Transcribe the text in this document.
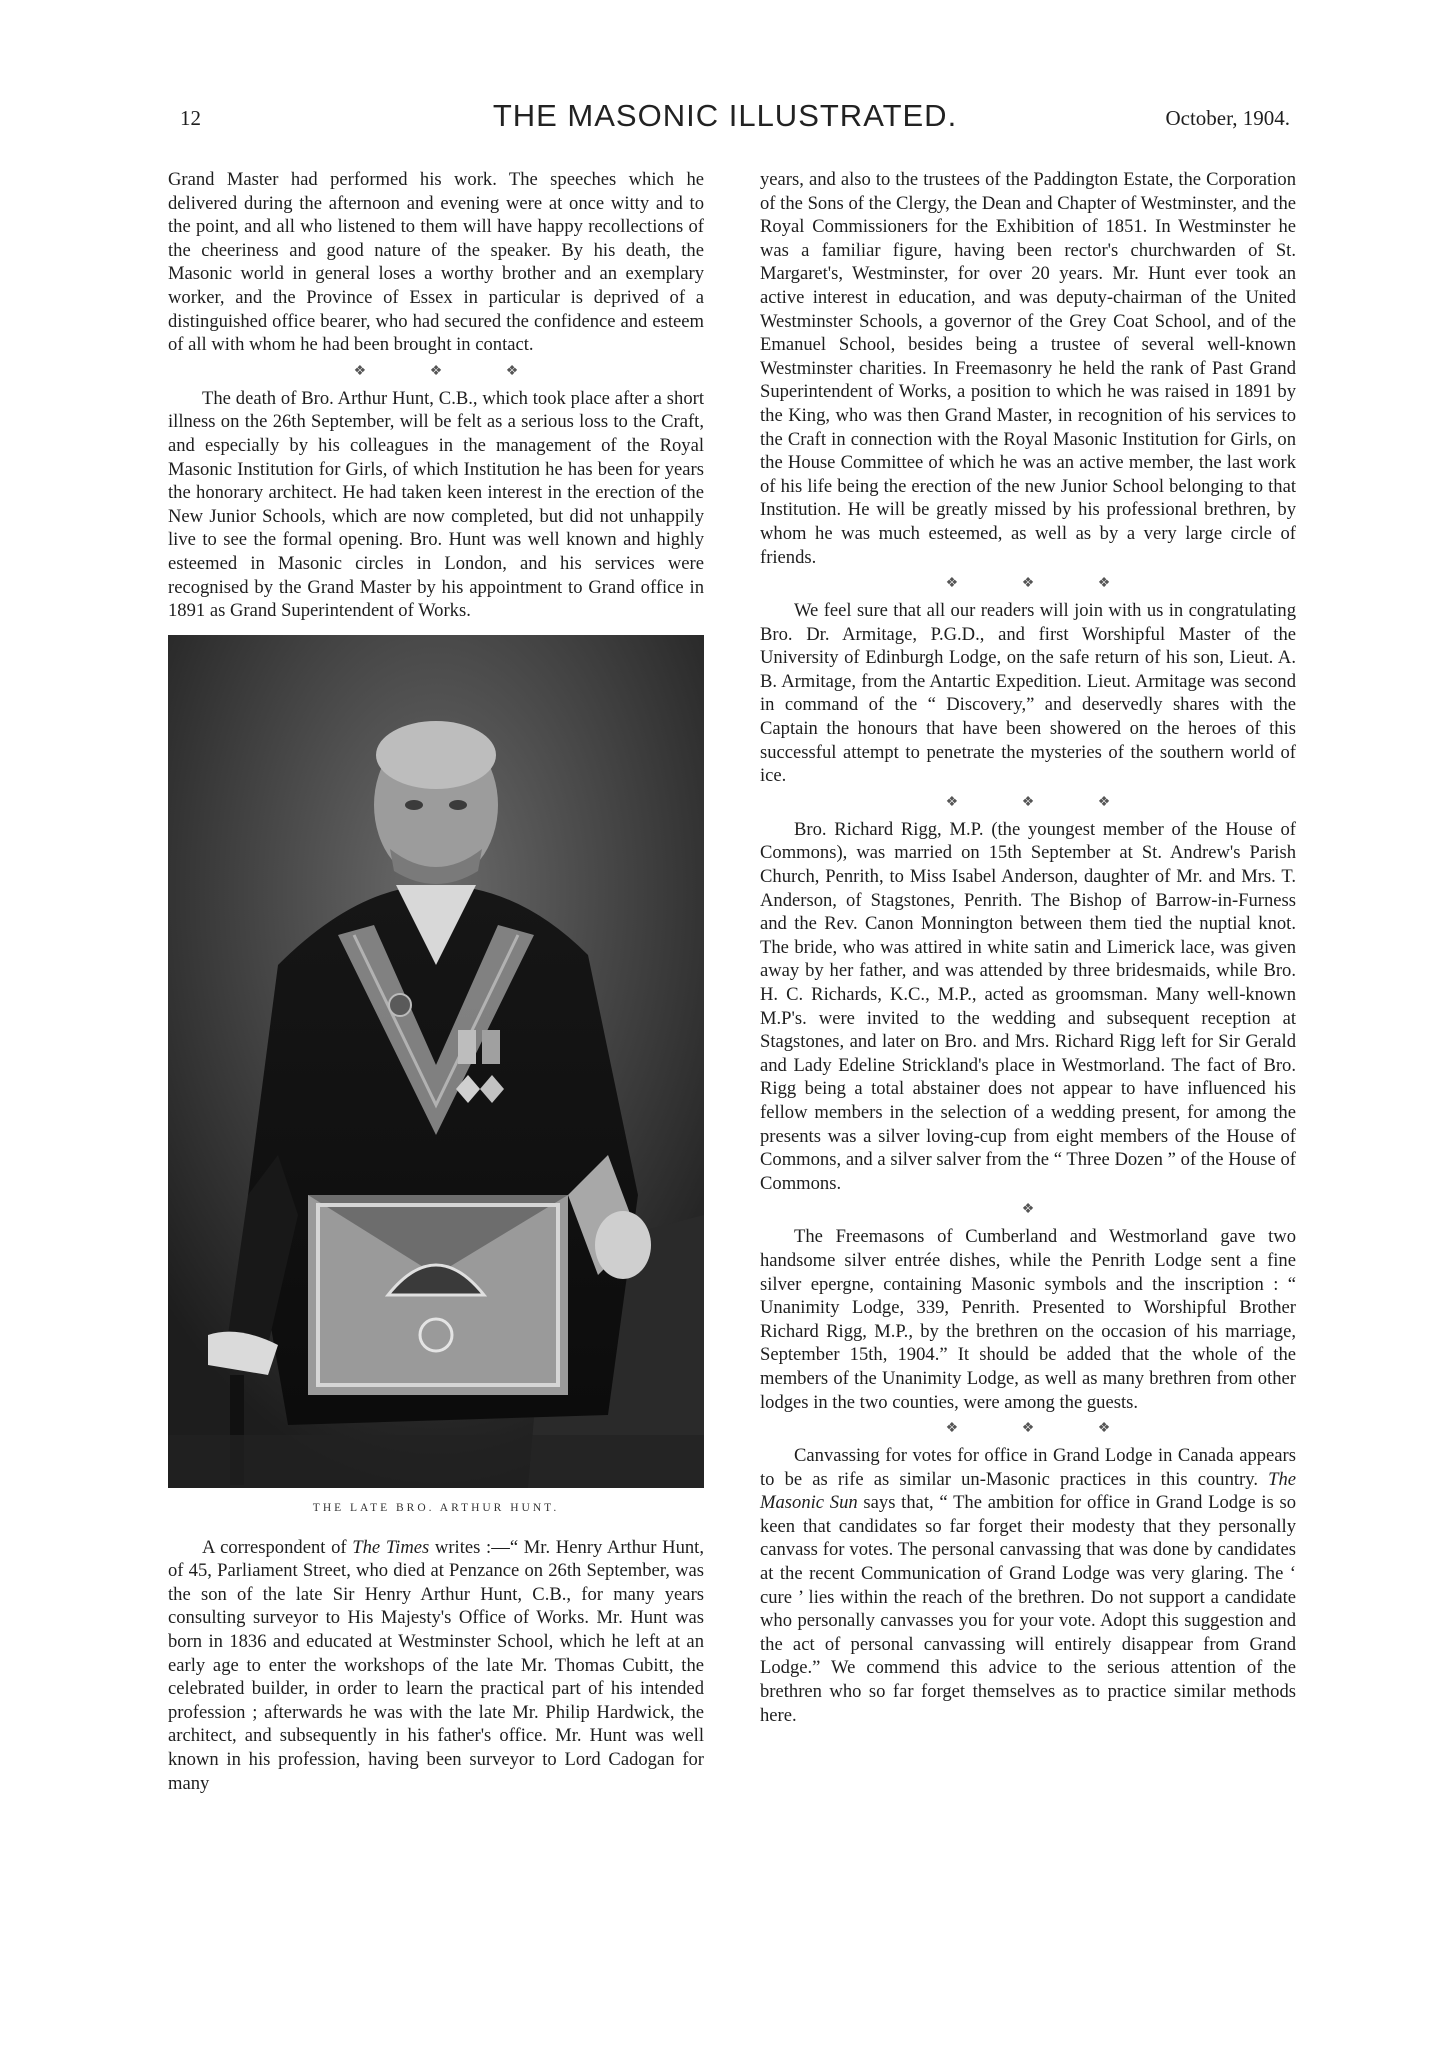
12	THE MASONIC ILLUSTRATED.	October, 1904.

Grand Master had performed his work. The speeches which he delivered during the afternoon and evening were at once witty and to the point, and all who listened to them will have happy recollections of the cheeriness and good nature of the speaker. By his death, the Masonic world in general loses a worthy brother and an exemplary worker, and the Province of Essex in particular is deprived of a distinguished office bearer, who had secured the confidence and esteem of all with whom he had been brought in contact.

❖ ❖ ❖

The death of Bro. Arthur Hunt, C.B., which took place after a short illness on the 26th September, will be felt as a serious loss to the Craft, and especially by his colleagues in the management of the Royal Masonic Institution for Girls, of which Institution he has been for years the honorary architect. He had taken keen interest in the erection of the New Junior Schools, which are now completed, but did not unhappily live to see the formal opening. Bro. Hunt was well known and highly esteemed in Masonic circles in London, and his services were recognised by the Grand Master by his appointment to Grand office in 1891 as Grand Superintendent of Works.

THE LATE BRO. ARTHUR HUNT.

A correspondent of The Times writes :—“ Mr. Henry Arthur Hunt, of 45, Parliament Street, who died at Penzance on 26th September, was the son of the late Sir Henry Arthur Hunt, C.B., for many years consulting surveyor to His Majesty's Office of Works. Mr. Hunt was born in 1836 and educated at Westminster School, which he left at an early age to enter the workshops of the late Mr. Thomas Cubitt, the celebrated builder, in order to learn the practical part of his intended profession ; afterwards he was with the late Mr. Philip Hardwick, the architect, and subsequently in his father's office. Mr. Hunt was well known in his profession, having been surveyor to Lord Cadogan for many

years, and also to the trustees of the Paddington Estate, the Corporation of the Sons of the Clergy, the Dean and Chapter of Westminster, and the Royal Commissioners for the Exhibition of 1851. In Westminster he was a familiar figure, having been rector's churchwarden of St. Margaret's, Westminster, for over 20 years. Mr. Hunt ever took an active interest in education, and was deputy-chairman of the United Westminster Schools, a governor of the Grey Coat School, and of the Emanuel School, besides being a trustee of several well-known Westminster charities. In Freemasonry he held the rank of Past Grand Superintendent of Works, a position to which he was raised in 1891 by the King, who was then Grand Master, in recognition of his services to the Craft in connection with the Royal Masonic Institution for Girls, on the House Committee of which he was an active member, the last work of his life being the erection of the new Junior School belonging to that Institution. He will be greatly missed by his professional brethren, by whom he was much esteemed, as well as by a very large circle of friends.

❖ ❖ ❖

We feel sure that all our readers will join with us in congratulating Bro. Dr. Armitage, P.G.D., and first Worshipful Master of the University of Edinburgh Lodge, on the safe return of his son, Lieut. A. B. Armitage, from the Antartic Expedition. Lieut. Armitage was second in command of the “ Discovery,” and deservedly shares with the Captain the honours that have been showered on the heroes of this successful attempt to penetrate the mysteries of the southern world of ice.

❖ ❖ ❖

Bro. Richard Rigg, M.P. (the youngest member of the House of Commons), was married on 15th September at St. Andrew's Parish Church, Penrith, to Miss Isabel Anderson, daughter of Mr. and Mrs. T. Anderson, of Stagstones, Penrith. The Bishop of Barrow-in-Furness and the Rev. Canon Monnington between them tied the nuptial knot. The bride, who was attired in white satin and Limerick lace, was given away by her father, and was attended by three bridesmaids, while Bro. H. C. Richards, K.C., M.P., acted as groomsman. Many well-known M.P's. were invited to the wedding and subsequent reception at Stagstones, and later on Bro. and Mrs. Richard Rigg left for Sir Gerald and Lady Edeline Strickland's place in Westmorland. The fact of Bro. Rigg being a total abstainer does not appear to have influenced his fellow members in the selection of a wedding present, for among the presents was a silver loving-cup from eight members of the House of Commons, and a silver salver from the “ Three Dozen ” of the House of Commons.

❖

The Freemasons of Cumberland and Westmorland gave two handsome silver entrée dishes, while the Penrith Lodge sent a fine silver epergne, containing Masonic symbols and the inscription : “ Unanimity Lodge, 339, Penrith. Presented to Worshipful Brother Richard Rigg, M.P., by the brethren on the occasion of his marriage, September 15th, 1904.” It should be added that the whole of the members of the Unanimity Lodge, as well as many brethren from other lodges in the two counties, were among the guests.

❖ ❖ ❖

Canvassing for votes for office in Grand Lodge in Canada appears to be as rife as similar un-Masonic practices in this country. The Masonic Sun says that, “ The ambition for office in Grand Lodge is so keen that candidates so far forget their modesty that they personally canvass for votes. The personal canvassing that was done by candidates at the recent Communication of Grand Lodge was very glaring. The ‘ cure ’ lies within the reach of the brethren. Do not support a candidate who personally canvasses you for your vote. Adopt this suggestion and the act of personal canvassing will entirely disappear from Grand Lodge.” We commend this advice to the serious attention of the brethren who so far forget themselves as to practice similar methods here.
